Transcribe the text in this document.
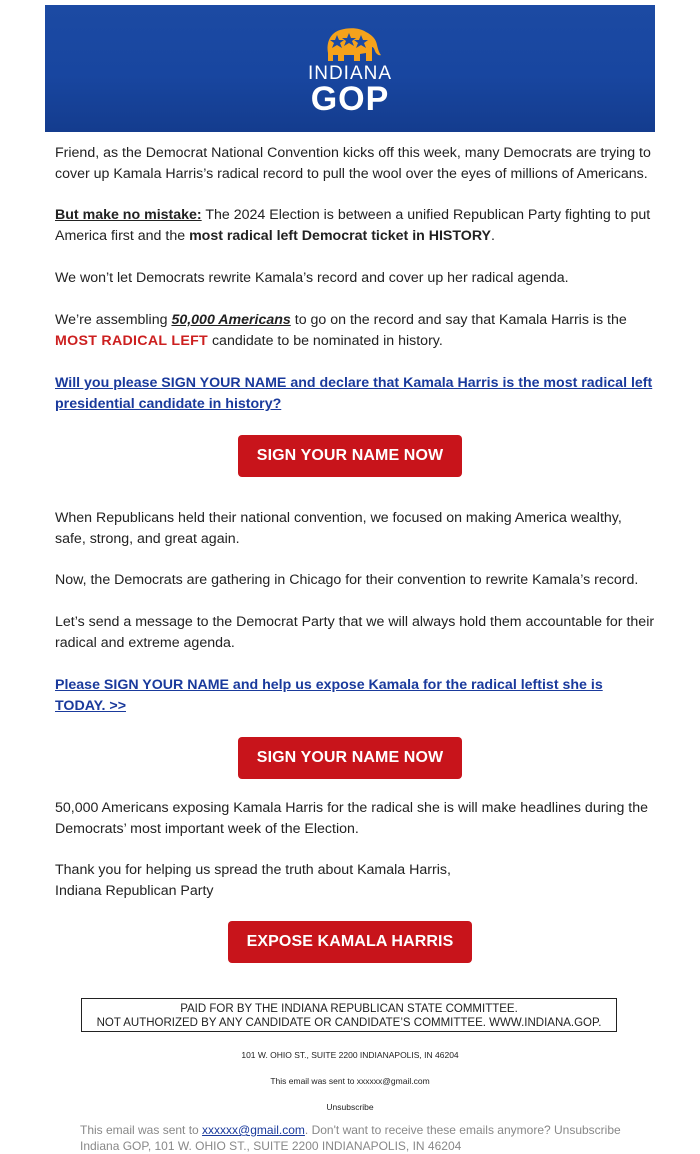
INDIANA
GOP

Friend, as the Democrat National Convention kicks off this week, many Democrats are trying to cover up Kamala Harris’s radical record to pull the wool over the eyes of millions of Americans.

But make no mistake: The 2024 Election is between a unified Republican Party fighting to put America first and the most radical left Democrat ticket in HISTORY.

We won’t let Democrats rewrite Kamala’s record and cover up her radical agenda.

We’re assembling 50,000 Americans to go on the record and say that Kamala Harris is the MOST RADICAL LEFT candidate to be nominated in history.

Will you please SIGN YOUR NAME and declare that Kamala Harris is the most radical left presidential candidate in history?

SIGN YOUR NAME NOW

When Republicans held their national convention, we focused on making America wealthy, safe, strong, and great again.

Now, the Democrats are gathering in Chicago for their convention to rewrite Kamala’s record.

Let’s send a message to the Democrat Party that we will always hold them accountable for their radical and extreme agenda.

Please SIGN YOUR NAME and help us expose Kamala for the radical leftist she is TODAY. >>

SIGN YOUR NAME NOW

50,000 Americans exposing Kamala Harris for the radical she is will make headlines during the Democrats’ most important week of the Election.

Thank you for helping us spread the truth about Kamala Harris,

Indiana Republican Party

EXPOSE KAMALA HARRIS
PAID FOR BY THE INDIANA REPUBLICAN STATE COMMITTEE.
NOT AUTHORIZED BY ANY CANDIDATE OR CANDIDATE’S COMMITTEE. WWW.INDIANA.GOP.
101 W. OHIO ST., SUITE 2200 INDIANAPOLIS, IN 46204
This email was sent to xxxxxx@gmail.com
Unsubscribe
This email was sent to xxxxxx@gmail.com. Don't want to receive these emails anymore? Unsubscribe
Indiana GOP, 101 W. OHIO ST., SUITE 2200 INDIANAPOLIS, IN 46204
